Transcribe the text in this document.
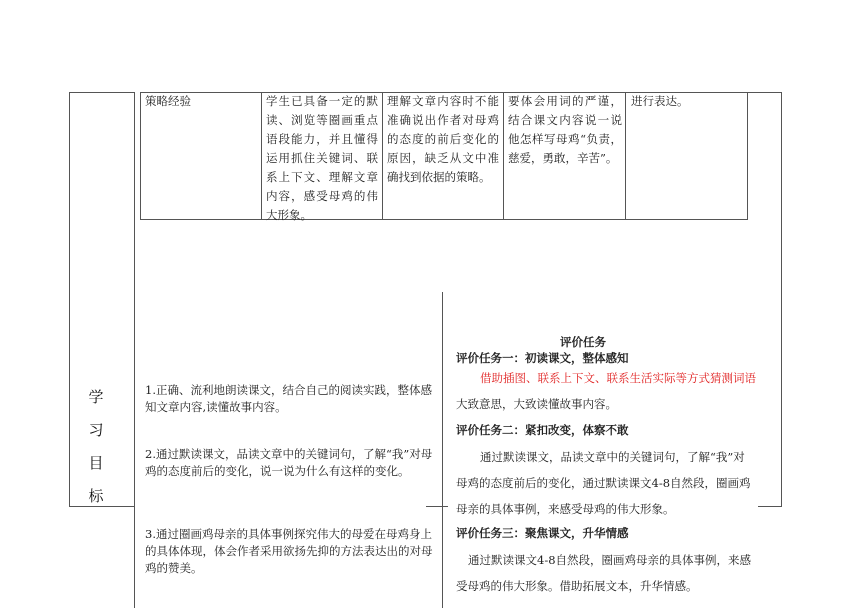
策略经验	学生已具备一定的默读、浏览等圈画重点语段能力，并且懂得运用抓住关键词、联系上下文、理解文章内容，感受母鸡的伟大形象。
理解文章内容时不能准确说出作者对母鸡的态度的前后变化的原因，缺乏从文中准确找到依据的策略。
要体会用词的严谨，结合课文内容说一说他怎样写母鸡“负责，慈爱，勇敢，辛苦”。
进行表达。
学
习
目
标
1.正确、流利地朗读课文，结合自己的阅读实践，整体感知文章内容,读懂故事内容。
2.通过默读课文，品读文章中的关键词句，了解“我”对母鸡的态度前后的变化，说一说为什么有这样的变化。
3.通过圈画鸡母亲的具体事例探究伟大的母爱在母鸡身上的具体体现，体会作者采用欲扬先抑的方法表达出的对母鸡的赞美。
评价任务
评价任务一：初读课文，整体感知
借助插图、联系上下文、联系生活实际等方式猜测词语大致意思，大致读懂故事内容。
评价任务二：紧扣改变，体察不敢
通过默读课文，品读文章中的关键词句，了解“我”对母鸡的态度前后的变化，通过默读课文4-8自然段，圈画鸡母亲的具体事例，来感受母鸡的伟大形象。
评价任务三：聚焦课文，升华情感
通过默读课文4-8自然段，圈画鸡母亲的具体事例，来感受母鸡的伟大形象。借助拓展文本，升华情感。
